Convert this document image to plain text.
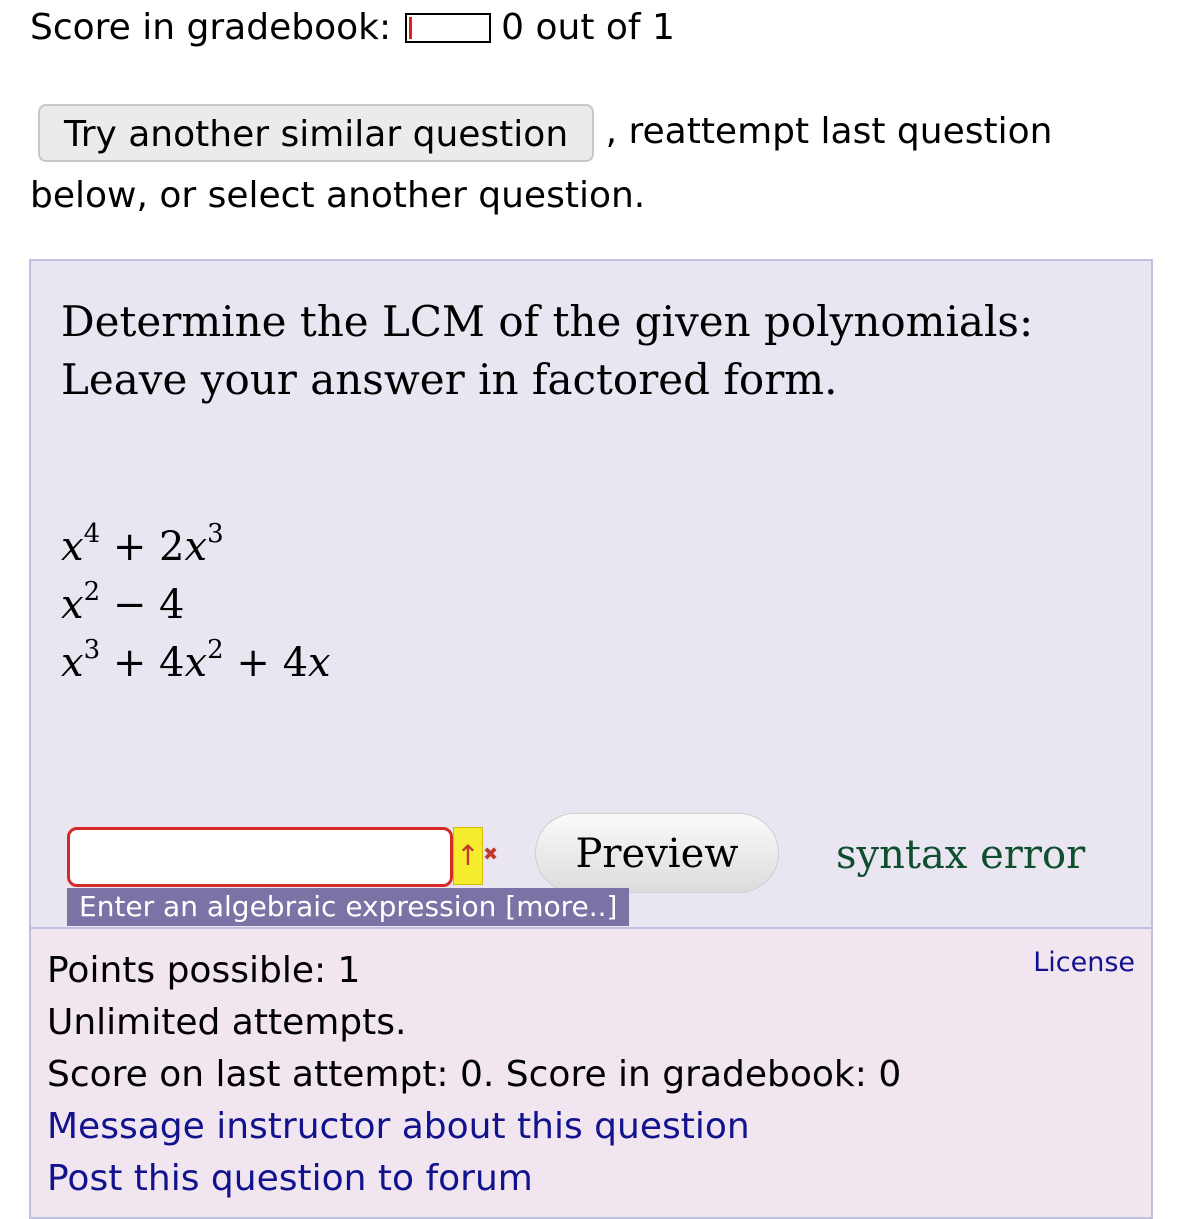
Score in gradebook:	0 out of 1
Try another similar question , reattempt last question below, or select another question.
Determine the LCM of the given polynomials:
Leave your answer in factored form.
$x^4 + 2x^3$
$x^2 - 4$
$x^3 + 4x^2 + 4x$
↑ ✖	Preview	syntax error
Enter an algebraic expression [more..]
License
Points possible: 1
Unlimited attempts.
Score on last attempt: 0. Score in gradebook: 0
Message instructor about this question
Post this question to forum
